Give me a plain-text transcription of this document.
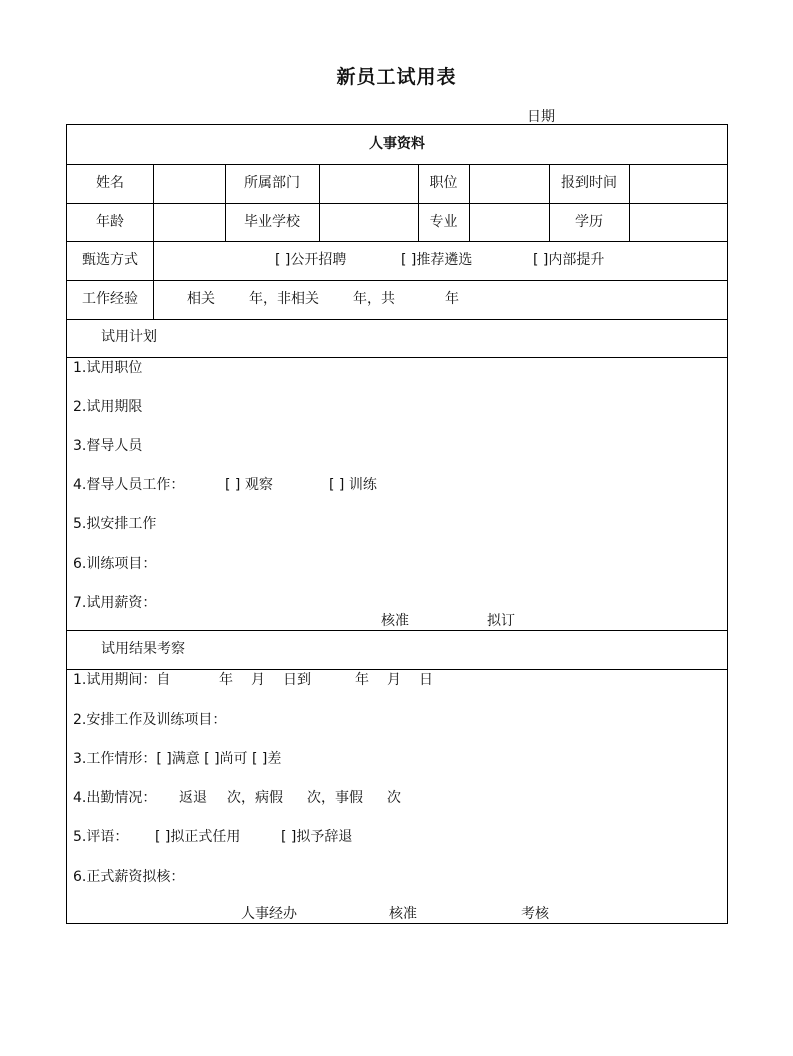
新员工试用表
日期
人事资料
姓名	所属部门	职位	报到时间
年龄	毕业学校	专业	学历
甄选方式	[ ]公开招聘	[ ]推荐遴选	[ ]内部提升
工作经验	相关 年，非相关 年，共	年
试用计划
1.试用职位
2.试用期限
3.督导人员
4.督导人员工作：	[ ] 观察	[ ] 训练
5.拟安排工作
6.训练项目：
7.试用薪资：
核准	拟订
试用结果考察
1.试用期间：自	年 月 日到	年 月 日
2.安排工作及训练项目：
3.工作情形：[ ]满意 [ ]尚可 [ ]差
4.出勤情况： 返退 次，病假 次，事假 次
5.评语： [ ]拟正式任用	[ ]拟予辞退
6.正式薪资拟核：
人事经办	核准	考核
